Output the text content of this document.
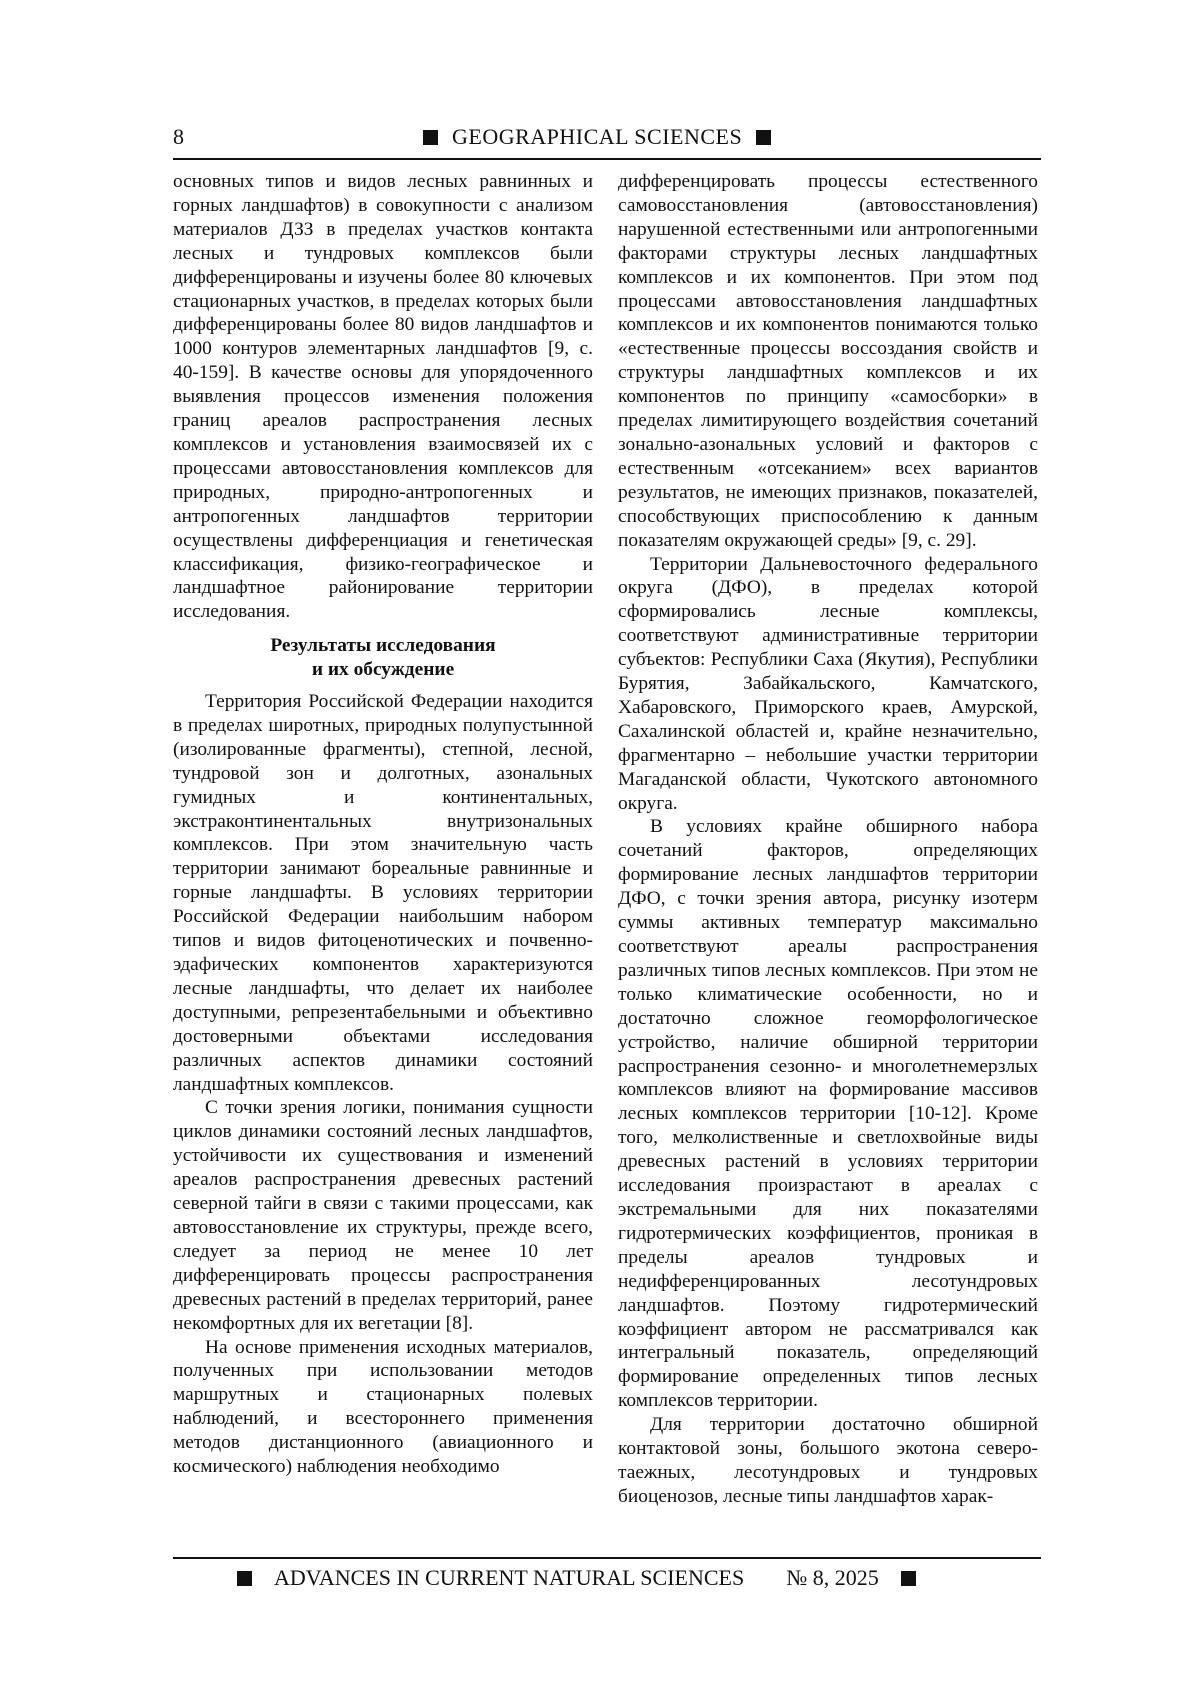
8	GEOGRAPHICAL SCIENCES

основных типов и видов лесных равнинных и горных ландшафтов) в совокупности с анализом материалов ДЗЗ в пределах участков контакта лесных и тундровых комплексов были дифференцированы и изучены более 80 ключевых стационарных участков, в пределах которых были дифференцированы более 80 видов ландшафтов и 1000 контуров элементарных ландшафтов [9, с. 40-159]. В качестве основы для упорядоченного выявления процессов изменения положения границ ареалов распространения лесных комплексов и установления взаимосвязей их с процессами автовосстановления комплексов для природных, природно-антропогенных и антропогенных ландшафтов территории осуществлены дифференциация и генетическая классификация, физико-географическое и ландшафтное районирование территории исследования.

Результаты исследования
и их обсуждение

Территория Российской Федерации находится в пределах широтных, природных полупустынной (изолированные фрагменты), степной, лесной, тундровой зон и долготных, азональных гумидных и континентальных, экстраконтинентальных внутризональных комплексов. При этом значительную часть территории занимают бореальные равнинные и горные ландшафты. В условиях территории Российской Федерации наибольшим набором типов и видов фитоценотических и почвенно-эдафических компонентов характеризуются лесные ландшафты, что делает их наиболее доступными, репрезентабельными и объективно достоверными объектами исследования различных аспектов динамики состояний ландшафтных комплексов.

С точки зрения логики, понимания сущности циклов динамики состояний лесных ландшафтов, устойчивости их существования и изменений ареалов распространения древесных растений северной тайги в связи с такими процессами, как автовосстановление их структуры, прежде всего, следует за период не менее 10 лет дифференцировать процессы распространения древесных растений в пределах территорий, ранее некомфортных для их вегетации [8].

На основе применения исходных материалов, полученных при использовании методов маршрутных и стационарных полевых наблюдений, и всестороннего применения методов дистанционного (авиационного и космического) наблюдения необходимо

дифференцировать процессы естественного самовосстановления (автовосстановления) нарушенной естественными или антропогенными факторами структуры лесных ландшафтных комплексов и их компонентов. При этом под процессами автовосстановления ландшафтных комплексов и их компонентов понимаются только «естественные процессы воссоздания свойств и структуры ландшафтных комплексов и их компонентов по принципу «самосборки» в пределах лимитирующего воздействия сочетаний зонально-азональных условий и факторов с естественным «отсеканием» всех вариантов результатов, не имеющих признаков, показателей, способствующих приспособлению к данным показателям окружающей среды» [9, с. 29].

Территории Дальневосточного федерального округа (ДФО), в пределах которой сформировались лесные комплексы, соответствуют административные территории субъектов: Республики Саха (Якутия), Республики Бурятия, Забайкальского, Камчатского, Хабаровского, Приморского краев, Амурской, Сахалинской областей и, крайне незначительно, фрагментарно – небольшие участки территории Магаданской области, Чукотского автономного округа.

В условиях крайне обширного набора сочетаний факторов, определяющих формирование лесных ландшафтов территории ДФО, с точки зрения автора, рисунку изотерм суммы активных температур максимально соответствуют ареалы распространения различных типов лесных комплексов. При этом не только климатические особенности, но и достаточно сложное геоморфологическое устройство, наличие обширной территории распространения сезонно- и многолетнемерзлых комплексов влияют на формирование массивов лесных комплексов территории [10-12]. Кроме того, мелколиственные и светлохвойные виды древесных растений в условиях территории исследования произрастают в ареалах с экстремальными для них показателями гидротермических коэффициентов, проникая в пределы ареалов тундровых и недифференцированных лесотундровых ландшафтов. Поэтому гидротермический коэффициент автором не рассматривался как интегральный показатель, определяющий формирование определенных типов лесных комплексов территории.

Для территории достаточно обширной контактовой зоны, большого экотона северо-таежных, лесотундровых и тундровых биоценозов, лесные типы ландшафтов харак-

ADVANCES IN CURRENT NATURAL SCIENCES № 8, 2025
